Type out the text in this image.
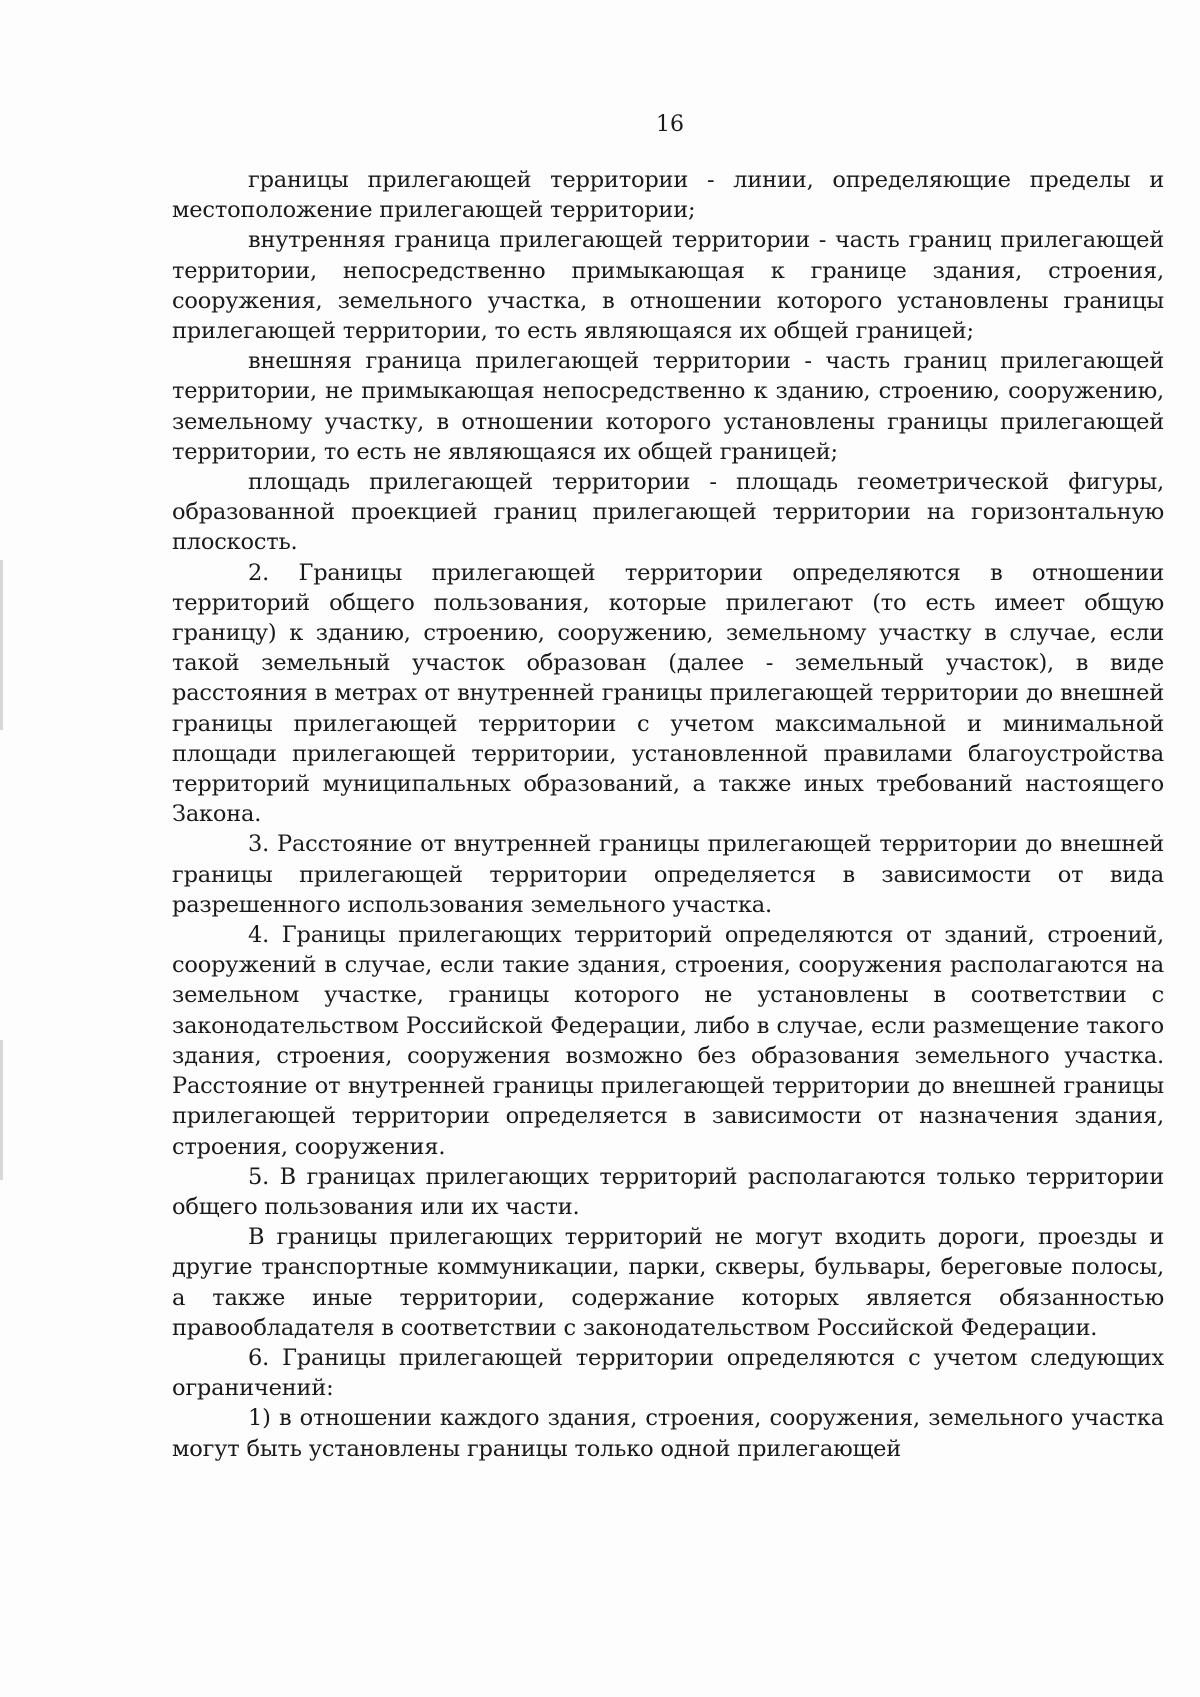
16

границы прилегающей территории - линии, определяющие пределы и местоположение прилегающей территории;

внутренняя граница прилегающей территории - часть границ прилегающей территории, непосредственно примыкающая к границе здания, строения, сооружения, земельного участка, в отношении которого установлены границы прилегающей территории, то есть являющаяся их общей границей;

внешняя граница прилегающей территории - часть границ прилегающей территории, не примыкающая непосредственно к зданию, строению, сооружению, земельному участку, в отношении которого установлены границы прилегающей территории, то есть не являющаяся их общей границей;

площадь прилегающей территории - площадь геометрической фигуры, образованной проекцией границ прилегающей территории на горизонтальную плоскость.

2. Границы прилегающей территории определяются в отношении территорий общего пользования, которые прилегают (то есть имеет общую границу) к зданию, строению, сооружению, земельному участку в случае, если такой земельный участок образован (далее - земельный участок), в виде расстояния в метрах от внутренней границы прилегающей территории до внешней границы прилегающей территории с учетом максимальной и минимальной площади прилегающей территории, установленной правилами благоустройства территорий муниципальных образований, а также иных требований настоящего Закона.

3. Расстояние от внутренней границы прилегающей территории до внешней границы прилегающей территории определяется в зависимости от вида разрешенного использования земельного участка.

4. Границы прилегающих территорий определяются от зданий, строений, сооружений в случае, если такие здания, строения, сооружения располагаются на земельном участке, границы которого не установлены в соответствии с законодательством Российской Федерации, либо в случае, если размещение такого здания, строения, сооружения возможно без образования земельного участка. Расстояние от внутренней границы прилегающей территории до внешней границы прилегающей территории определяется в зависимости от назначения здания, строения, сооружения.

5. В границах прилегающих территорий располагаются только территории общего пользования или их части.

В границы прилегающих территорий не могут входить дороги, проезды и другие транспортные коммуникации, парки, скверы, бульвары, береговые полосы, а также иные территории, содержание которых является обязанностью правообладателя в соответствии с законодательством Российской Федерации.

6. Границы прилегающей территории определяются с учетом следующих ограничений:

1) в отношении каждого здания, строения, сооружения, земельного участка могут быть установлены границы только одной прилегающей
